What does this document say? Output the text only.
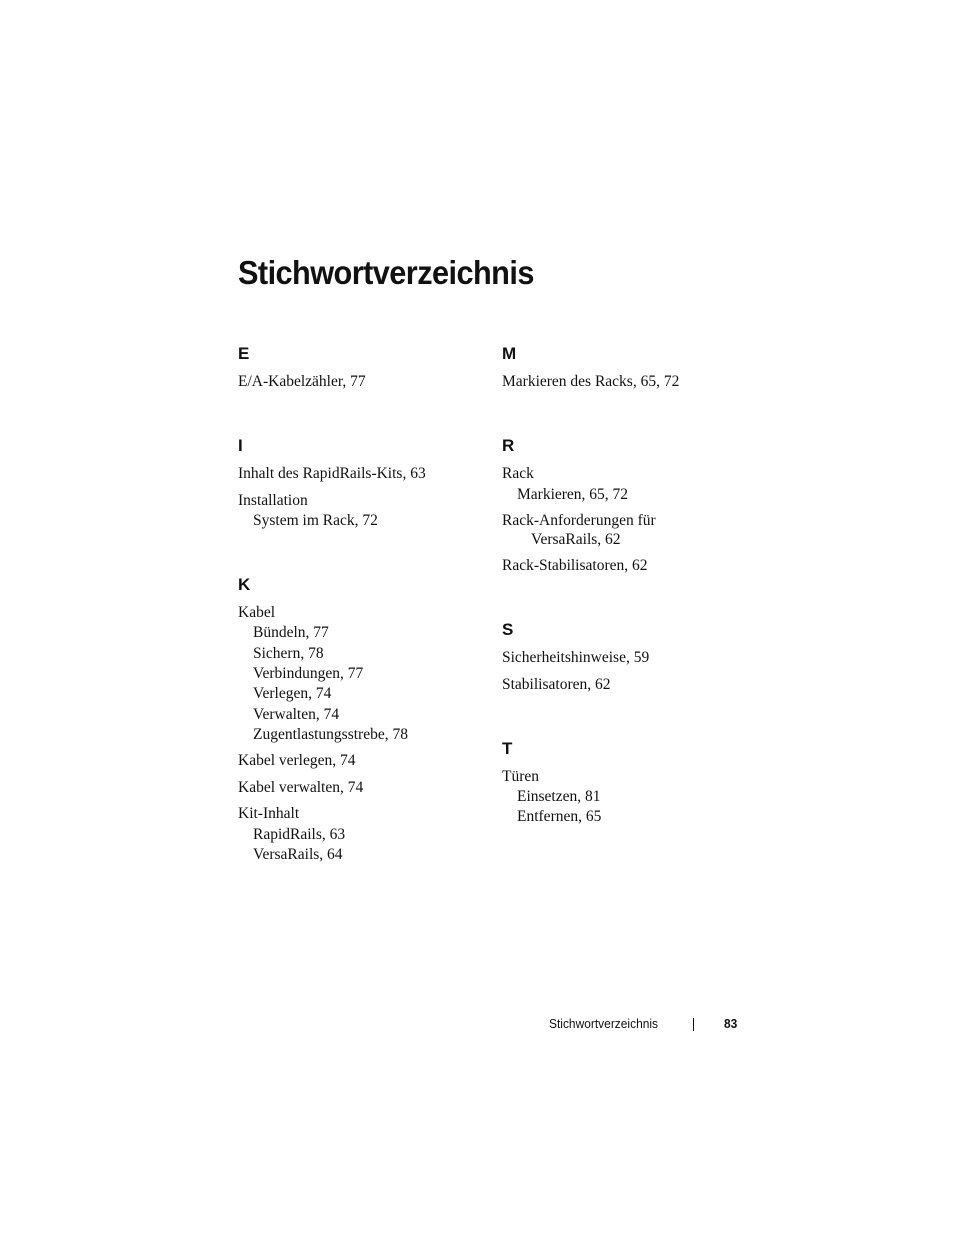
Stichwortverzeichnis
E
E/A-Kabelzähler, 77
I
Inhalt des RapidRails-Kits, 63
Installation
System im Rack, 72
K
Kabel
Bündeln, 77
Sichern, 78
Verbindungen, 77
Verlegen, 74
Verwalten, 74
Zugentlastungsstrebe, 78
Kabel verlegen, 74
Kabel verwalten, 74
Kit-Inhalt
RapidRails, 63
VersaRails, 64
M
Markieren des Racks, 65, 72
R
Rack
Markieren, 65, 72
Rack-Anforderungen für
VersaRails, 62
Rack-Stabilisatoren, 62
S
Sicherheitshinweise, 59
Stabilisatoren, 62
T
Türen
Einsetzen, 81
Entfernen, 65
Stichwortverzeichnis	83
